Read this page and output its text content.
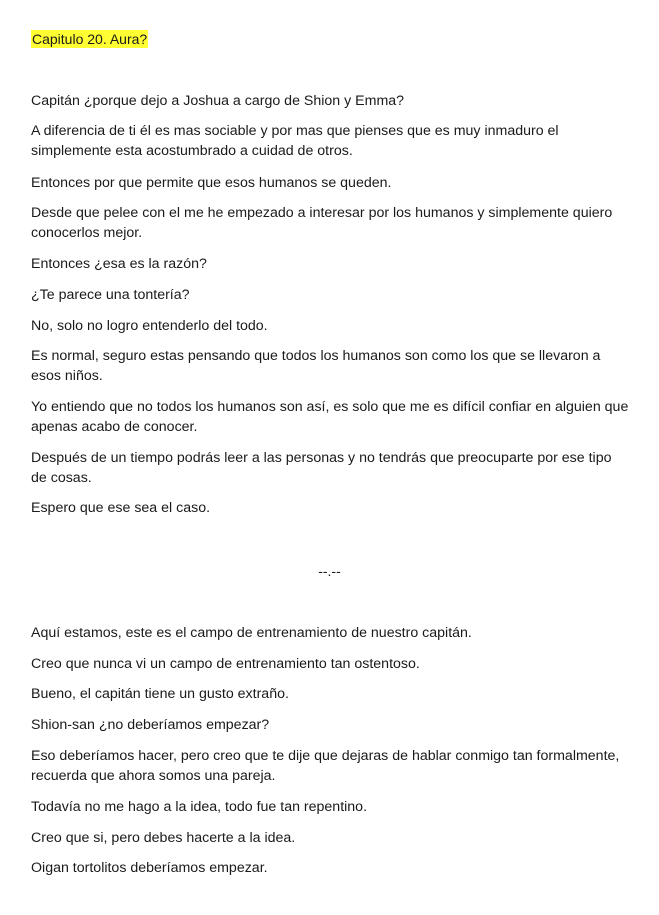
Capitulo 20. Aura?

Capitán ¿porque dejo a Joshua a cargo de Shion y Emma?

A diferencia de ti él es mas sociable y por mas que pienses que es muy inmaduro el simplemente esta acostumbrado a cuidad de otros.

Entonces por que permite que esos humanos se queden.

Desde que pelee con el me he empezado a interesar por los humanos y simplemente quiero conocerlos mejor.

Entonces ¿esa es la razón?

¿Te parece una tontería?

No, solo no logro entenderlo del todo.

Es normal, seguro estas pensando que todos los humanos son como los que se llevaron a esos niños.

Yo entiendo que no todos los humanos son así, es solo que me es difícil confiar en alguien que apenas acabo de conocer.

Después de un tiempo podrás leer a las personas y no tendrás que preocuparte por ese tipo de cosas.

Espero que ese sea el caso.

--.--

Aquí estamos, este es el campo de entrenamiento de nuestro capitán.

Creo que nunca vi un campo de entrenamiento tan ostentoso.

Bueno, el capitán tiene un gusto extraño.

Shion-san ¿no deberíamos empezar?

Eso deberíamos hacer, pero creo que te dije que dejaras de hablar conmigo tan formalmente, recuerda que ahora somos una pareja.

Todavía no me hago a la idea, todo fue tan repentino.

Creo que si, pero debes hacerte a la idea.

Oigan tortolitos deberíamos empezar.
